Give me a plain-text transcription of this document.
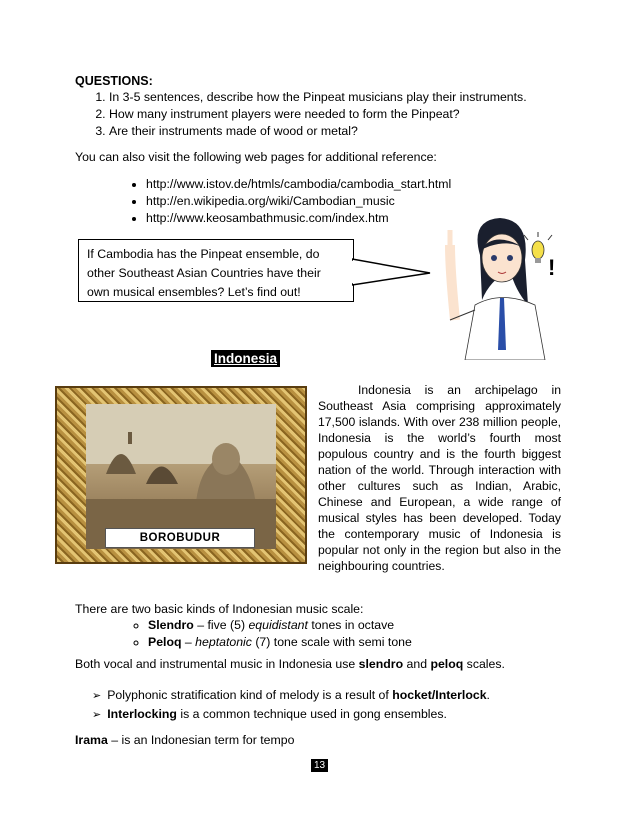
QUESTIONS:
1. In 3-5 sentences, describe how the Pinpeat musicians play their instruments.
2. How many instrument players were needed to form the Pinpeat?
3. Are their instruments made of wood or metal?
You can also visit the following web pages for additional reference:
• http://www.istov.de/htmls/cambodia/cambodia_start.html
• http://en.wikipedia.org/wiki/Cambodian_music
• http://www.keosambathmusic.com/index.htm
If Cambodia has the Pinpeat ensemble, do
other Southeast Asian Countries have their
own musical ensembles? Let’s find out!
!
Indonesia
BOROBUDUR
Indonesia is an archipelago in Southeast Asia comprising approximately 17,500 islands. With over 238 million people, Indonesia is the world’s fourth most populous country and is the fourth biggest nation of the world. Through interaction with other cultures such as Indian, Arabic, Chinese and European, a wide range of musical styles has been developed. Today the contemporary music of Indonesia is popular not only in the region but also in the neighbouring countries.
There are two basic kinds of Indonesian music scale:
◦ Slendro – five (5) equidistant tones in octave
◦ Peloq – heptatonic (7) tone scale with semi tone
Both vocal and instrumental music in Indonesia use slendro and peloq scales.
➢ Polyphonic stratification kind of melody is a result of hocket/Interlock.
➢ Interlocking is a common technique used in gong ensembles.
Irama – is an Indonesian term for tempo
13
